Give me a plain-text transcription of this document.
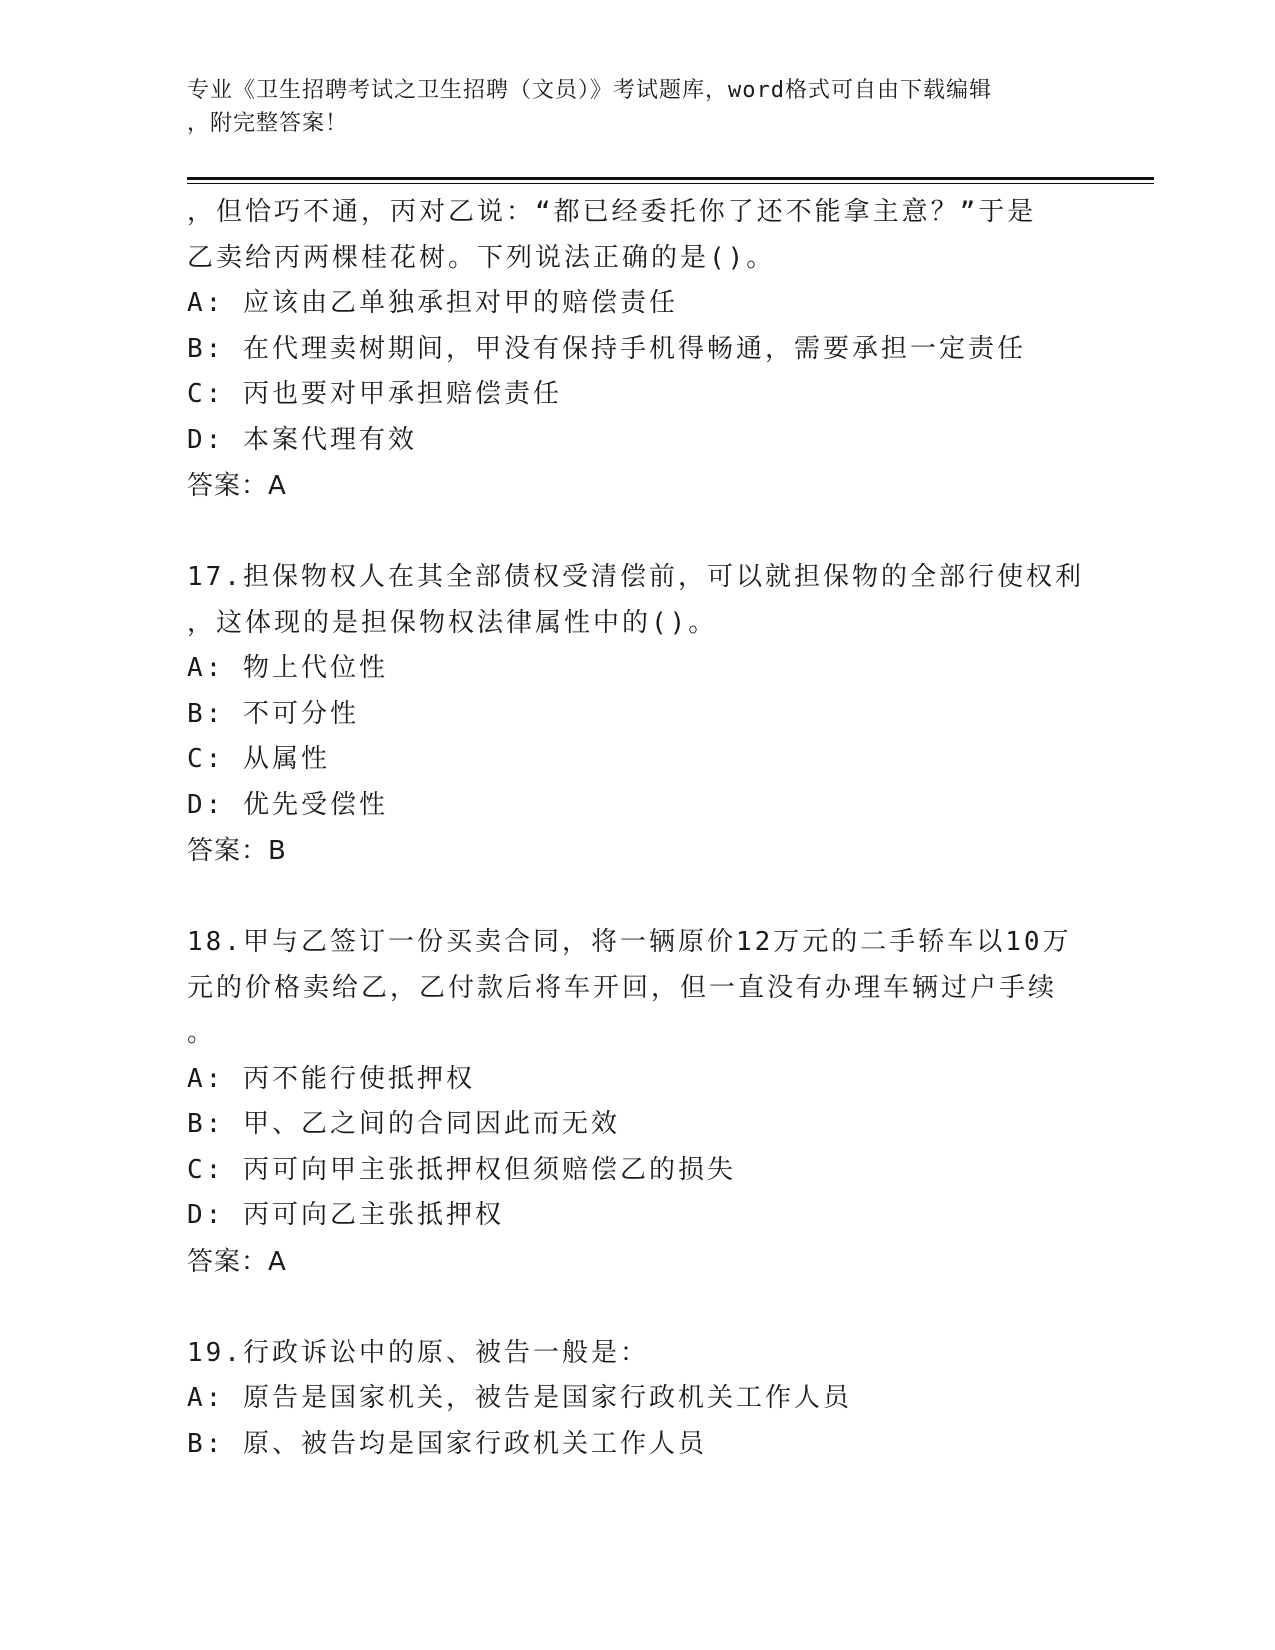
专业《卫生招聘考试之卫生招聘（文员）》考试题库，word格式可自由下载编辑
，附完整答案！
，但恰巧不通，丙对乙说：“都已经委托你了还不能拿主意？”于是
乙卖给丙两棵桂花树。下列说法正确的是()。
A: 应该由乙单独承担对甲的赔偿责任
B: 在代理卖树期间，甲没有保持手机得畅通，需要承担一定责任
C: 丙也要对甲承担赔偿责任
D: 本案代理有效
答案：A
17.担保物权人在其全部债权受清偿前，可以就担保物的全部行使权利
，这体现的是担保物权法律属性中的()。
A: 物上代位性
B: 不可分性
C: 从属性
D: 优先受偿性
答案：B
18.甲与乙签订一份买卖合同，将一辆原价12万元的二手轿车以10万
元的价格卖给乙，乙付款后将车开回，但一直没有办理车辆过户手续
。
A: 丙不能行使抵押权
B: 甲、乙之间的合同因此而无效
C: 丙可向甲主张抵押权但须赔偿乙的损失
D: 丙可向乙主张抵押权
答案：A
19.行政诉讼中的原、被告一般是：
A: 原告是国家机关，被告是国家行政机关工作人员
B: 原、被告均是国家行政机关工作人员
